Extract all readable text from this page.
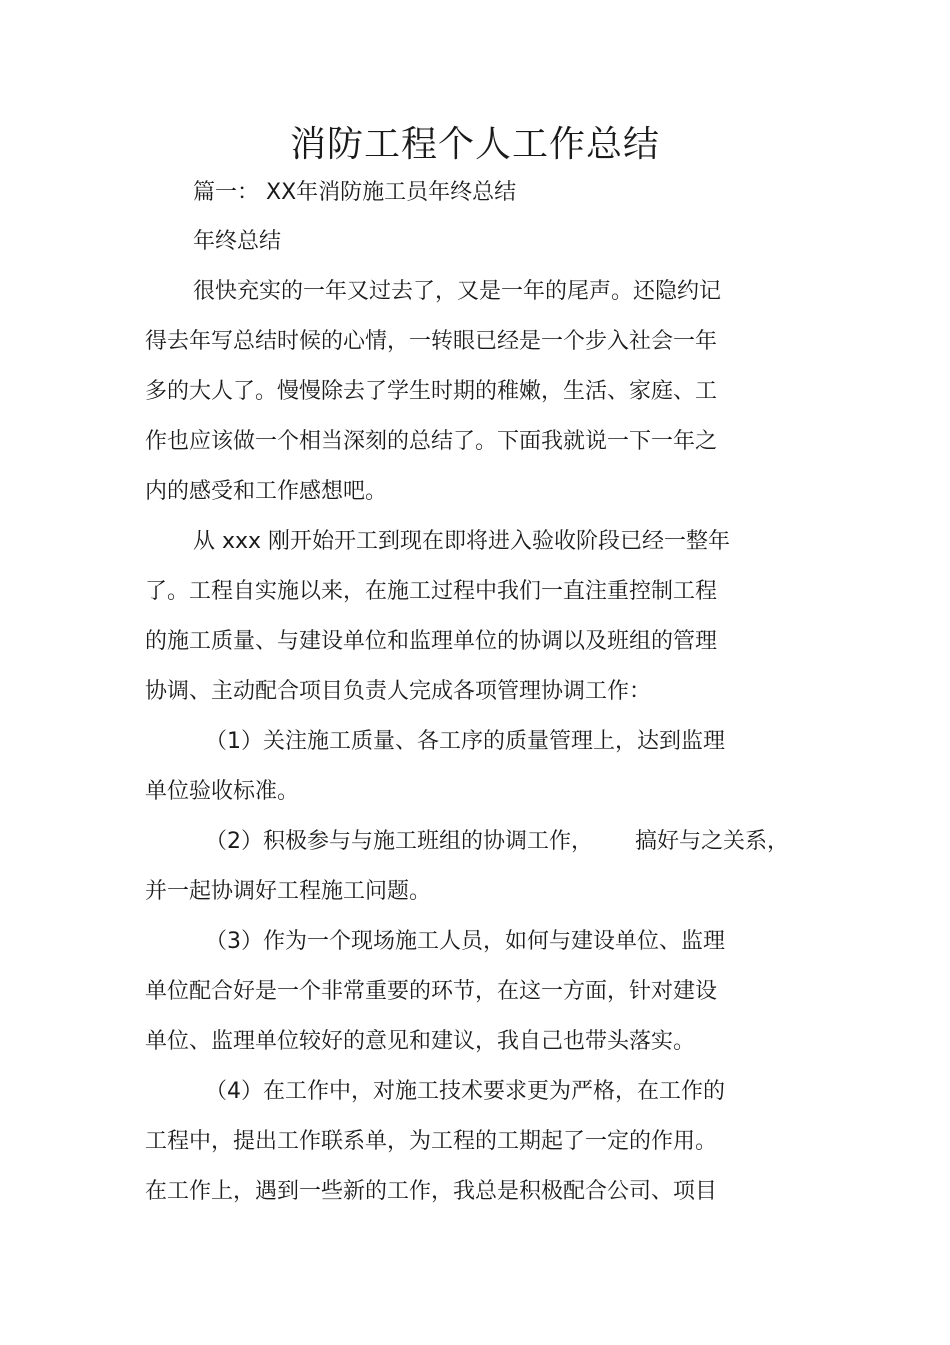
消防工程个人工作总结
篇一： XX年消防施工员年终总结
年终总结
很快充实的一年又过去了，又是一年的尾声。还隐约记
得去年写总结时候的心情，一转眼已经是一个步入社会一年
多的大人了。慢慢除去了学生时期的稚嫩，生活、家庭、工
作也应该做一个相当深刻的总结了。下面我就说一下一年之
内的感受和工作感想吧。
从 xxx 刚开始开工到现在即将进入验收阶段已经一整年
了。工程自实施以来，在施工过程中我们一直注重控制工程
的施工质量、与建设单位和监理单位的协调以及班组的管理
协调、主动配合项目负责人完成各项管理协调工作：
（1）关注施工质量、各工序的质量管理上，达到监理
单位验收标准。
（2）积极参与与施工班组的协调工作，      搞好与之关系，
并一起协调好工程施工问题。
（3）作为一个现场施工人员，如何与建设单位、监理
单位配合好是一个非常重要的环节，在这一方面，针对建设
单位、监理单位较好的意见和建议，我自己也带头落实。
（4）在工作中，对施工技术要求更为严格，在工作的
工程中，提出工作联系单，为工程的工期起了一定的作用。
在工作上，遇到一些新的工作，我总是积极配合公司、项目
